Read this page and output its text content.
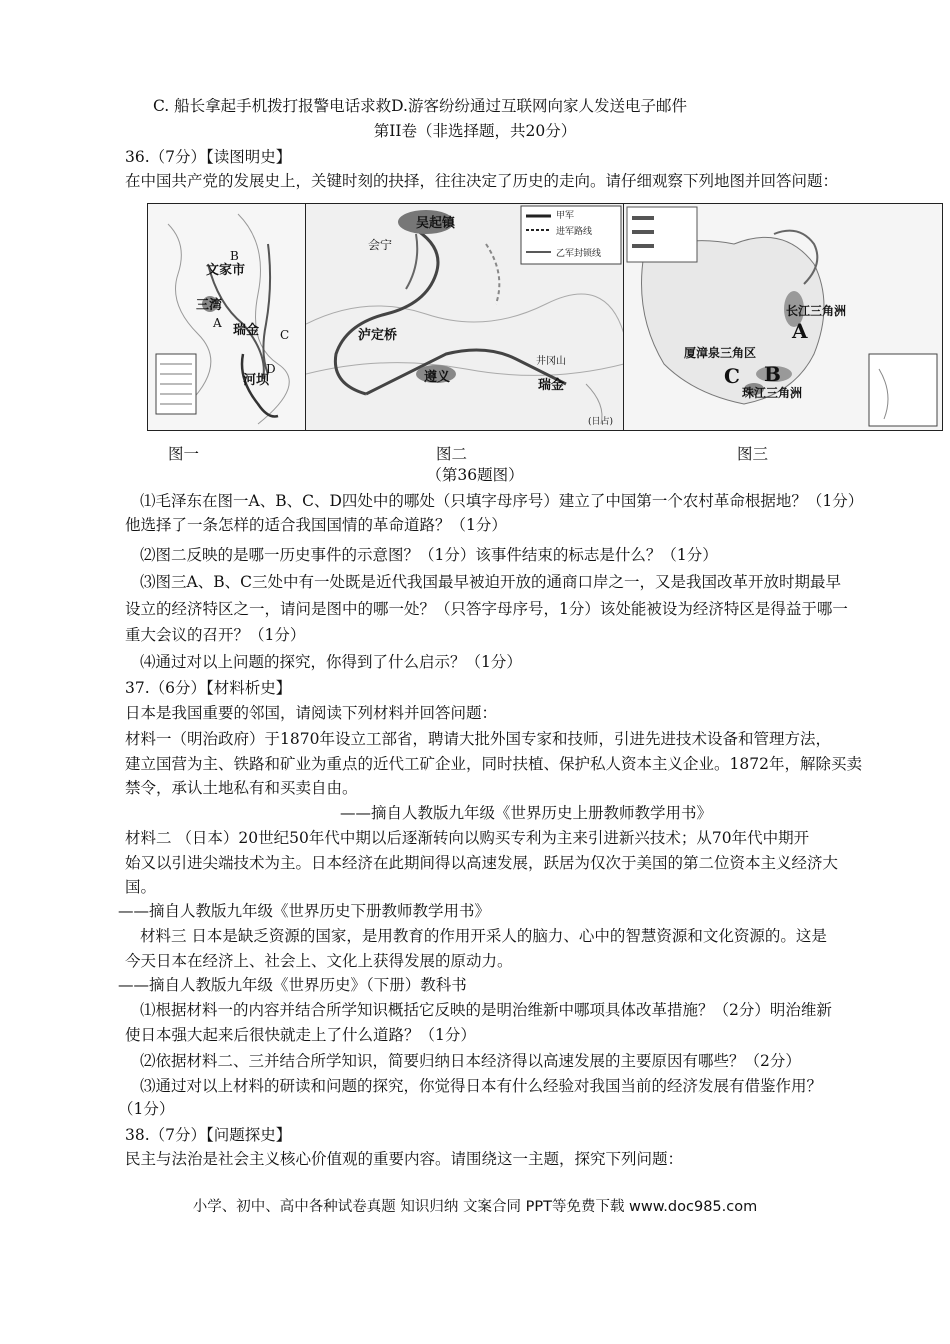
C. 船长拿起手机拨打报警电话求救D.游客纷纷通过互联网向家人发送电子邮件
第II卷（非选择题，共20分）
36.（7分）【读图明史】
在中国共产党的发展史上，关键时刻的抉择，往往决定了历史的走向。请仔细观察下列地图并回答问题：
文家市
三湾
瑞金
河坝
A
B
C
D
吴起镇
会宁
泸定桥
遵义
井冈山
瑞金
(日占)
甲军
进军路线
乙军封锁线
长江三角洲
厦漳泉三角区
珠江三角洲
A
B
C
图一	图二	图三
（第36题图）
⑴毛泽东在图一A、B、C、D四处中的哪处（只填字母序号）建立了中国第一个农村革命根据地？（1分）
他选择了一条怎样的适合我国国情的革命道路？（1分）
⑵图二反映的是哪一历史事件的示意图？（1分）该事件结束的标志是什么？（1分）
⑶图三A、B、C三处中有一处既是近代我国最早被迫开放的通商口岸之一，又是我国改革开放时期最早
设立的经济特区之一，请问是图中的哪一处？（只答字母序号，1分）该处能被设为经济特区是得益于哪一
重大会议的召开？（1分）
⑷通过对以上问题的探究，你得到了什么启示？（1分）
37.（6分）【材料析史】
日本是我国重要的邻国，请阅读下列材料并回答问题：
材料一（明治政府）于1870年设立工部省，聘请大批外国专家和技师，引进先进技术设备和管理方法，
建立国营为主、铁路和矿业为重点的近代工矿企业，同时扶植、保护私人资本主义企业。1872年，解除买卖
禁令，承认土地私有和买卖自由。
——摘自人教版九年级《世界历史上册教师教学用书》
材料二 （日本）20世纪50年代中期以后逐渐转向以购买专利为主来引进新兴技术；从70年代中期开
始又以引进尖端技术为主。日本经济在此期间得以高速发展，跃居为仅次于美国的第二位资本主义经济大
国。
——摘自人教版九年级《世界历史下册教师教学用书》
材料三 日本是缺乏资源的国家，是用教育的作用开采人的脑力、心中的智慧资源和文化资源的。这是
今天日本在经济上、社会上、文化上获得发展的原动力。
——摘自人教版九年级《世界历史》（下册）教科书
⑴根据材料一的内容并结合所学知识概括它反映的是明治维新中哪项具体改革措施？（2分）明治维新
使日本强大起来后很快就走上了什么道路？（1分）
⑵依据材料二、三并结合所学知识，简要归纳日本经济得以高速发展的主要原因有哪些？（2分）
⑶通过对以上材料的研读和问题的探究，你觉得日本有什么经验对我国当前的经济发展有借鉴作用？
（1分）
38.（7分）【问题探史】
民主与法治是社会主义核心价值观的重要内容。请围绕这一主题，探究下列问题：
小学、初中、高中各种试卷真题 知识归纳 文案合同 PPT等免费下载 www.doc985.com
